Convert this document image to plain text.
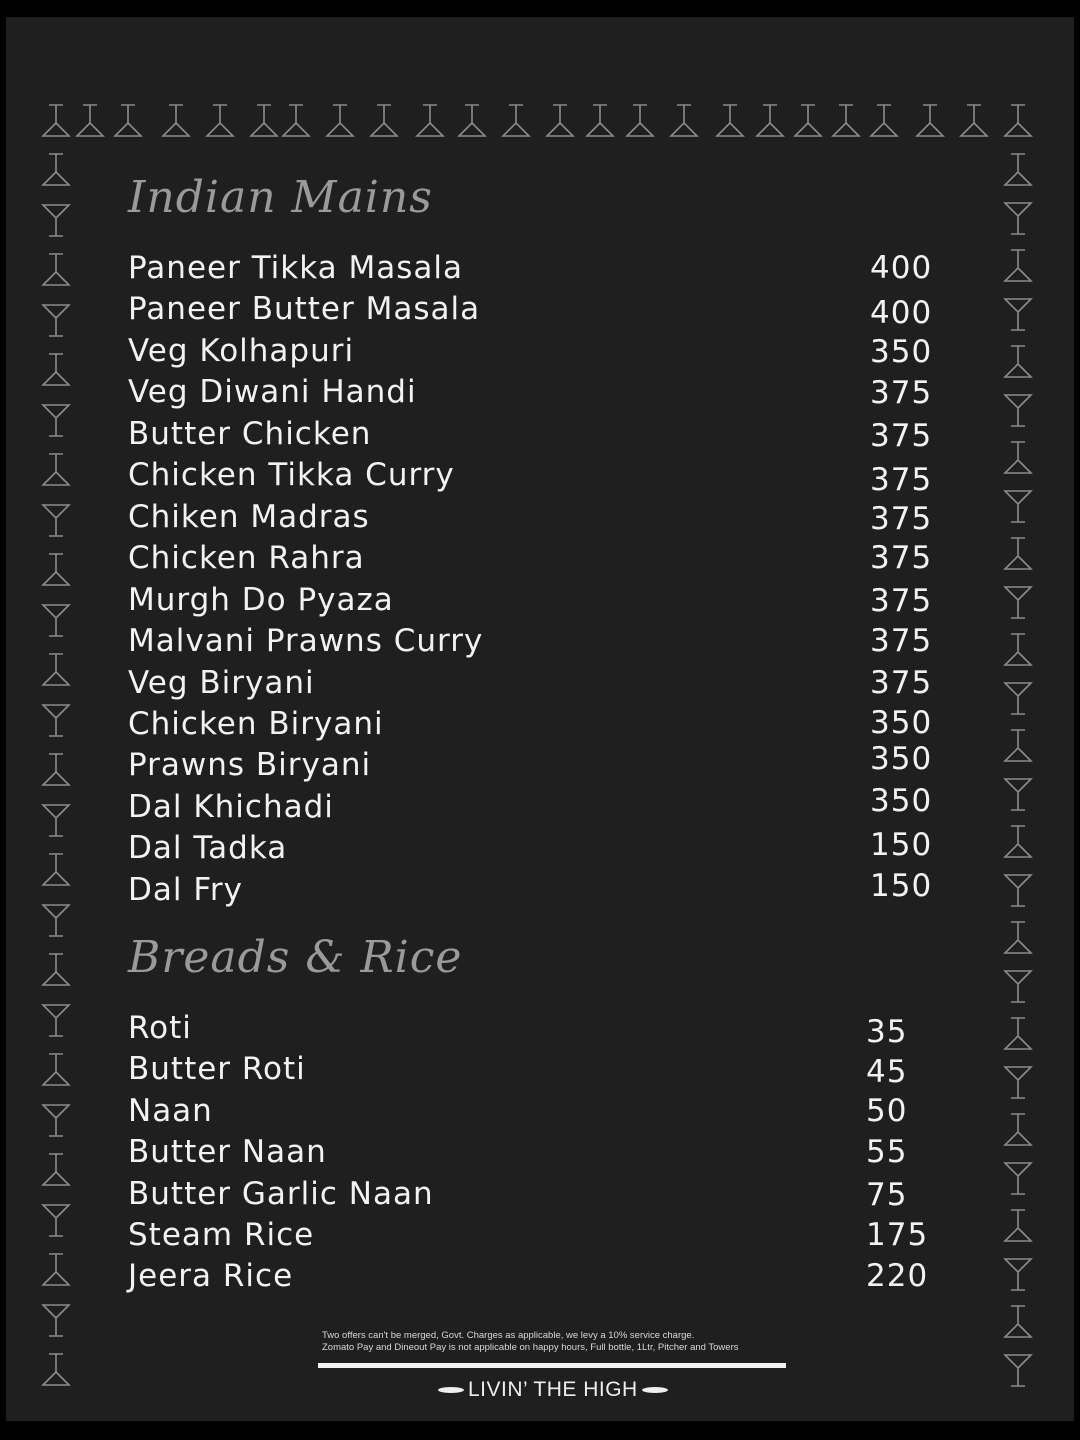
Indian Mains
Paneer Tikka Masala	400
Paneer Butter Masala	400
Veg Kolhapuri	350
Veg Diwani Handi	375
Butter Chicken	375
Chicken Tikka Curry	375
Chiken Madras	375
Chicken Rahra	375
Murgh Do Pyaza	375
Malvani Prawns Curry	375
Veg Biryani	375
Chicken Biryani	350
Prawns Biryani	350
Dal Khichadi	350
Dal Tadka	150
Dal Fry	150
Breads & Rice
Roti	35
Butter Roti	45
Naan	50
Butter Naan	55
Butter Garlic Naan	75
Steam Rice	175
Jeera Rice	220
Two offers can't be merged, Govt. Charges as applicable, we levy a 10% service charge.
Zomato Pay and Dineout Pay is not applicable on happy hours, Full bottle, 1Ltr, Pitcher and Towers
LIVIN’ THE HIGH
